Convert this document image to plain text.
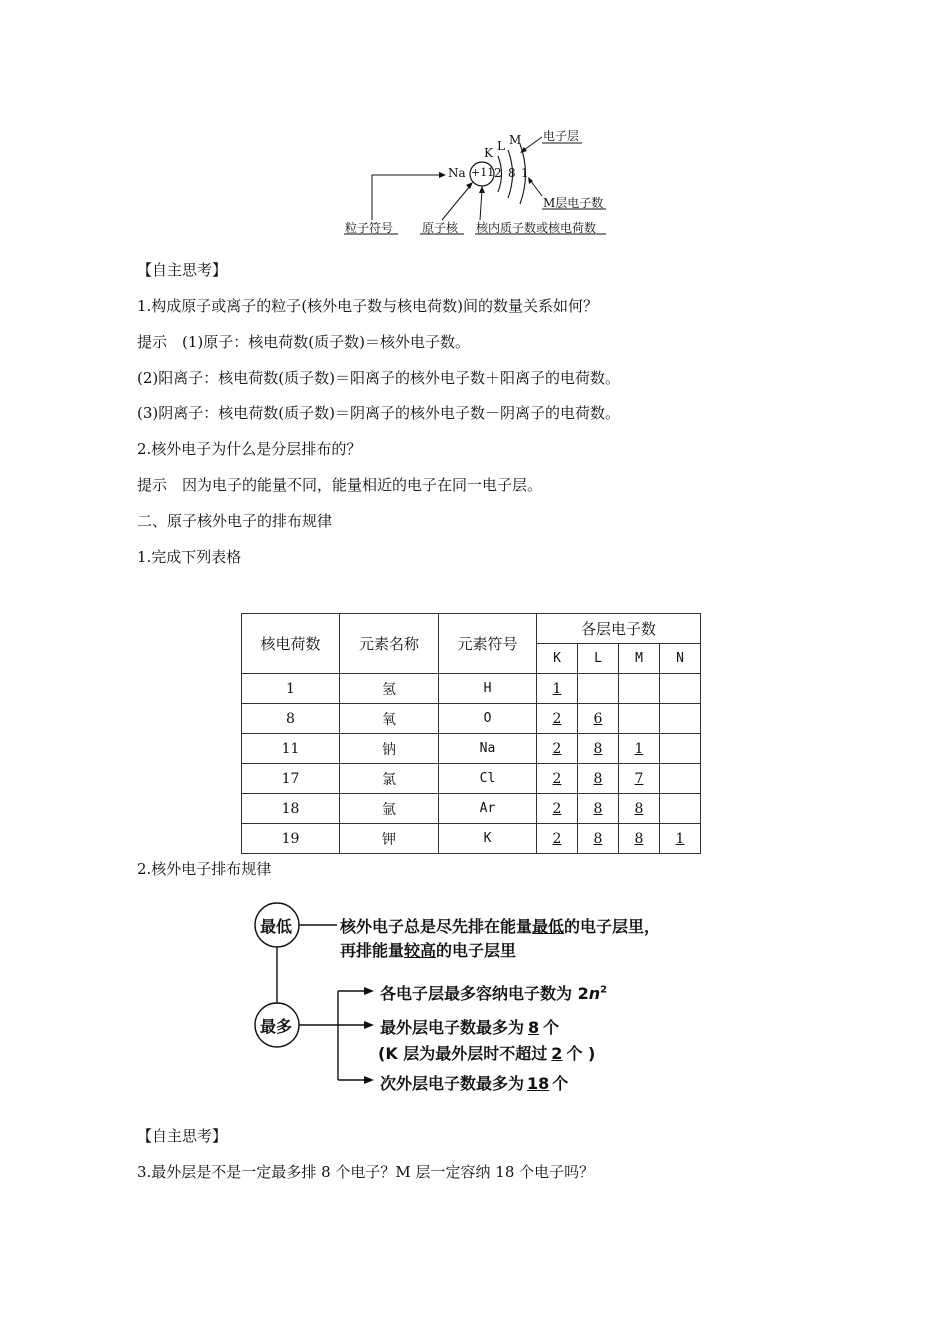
Na +11
K L M
2 8 1
电子层
M层电子数
粒子符号 原子核 核内质子数或核电荷数
【自主思考】
1.构成原子或离子的粒子(核外电子数与核电荷数)间的数量关系如何？
提示　(1)原子：核电荷数(质子数)＝核外电子数。
(2)阳离子：核电荷数(质子数)＝阳离子的核外电子数＋阳离子的电荷数。
(3)阴离子：核电荷数(质子数)＝阴离子的核外电子数－阴离子的电荷数。
2.核外电子为什么是分层排布的？
提示　因为电子的能量不同，能量相近的电子在同一电子层。
二、原子核外电子的排布规律
1.完成下列表格
核电荷数	元素名称	元素符号	各层电子数			
			K	L	M	N
1	氢	H	1			
8	氧	O	2	6		
11	钠	Na	2	8	1	
17	氯	Cl	2	8	7	
18	氩	Ar	2	8	8	
19	钾	K	2	8	8	1
2.核外电子排布规律
最低
最多
核外电子总是尽先排在能量最低的电子层里，
再排能量较高的电子层里
各电子层最多容纳电子数为 $2n^2$
最外层电子数最多为 8 个
(K 层为最外层时不超过 2 个 )
次外层电子数最多为 18 个
【自主思考】
3.最外层是不是一定最多排 8 个电子？M 层一定容纳 18 个电子吗？
